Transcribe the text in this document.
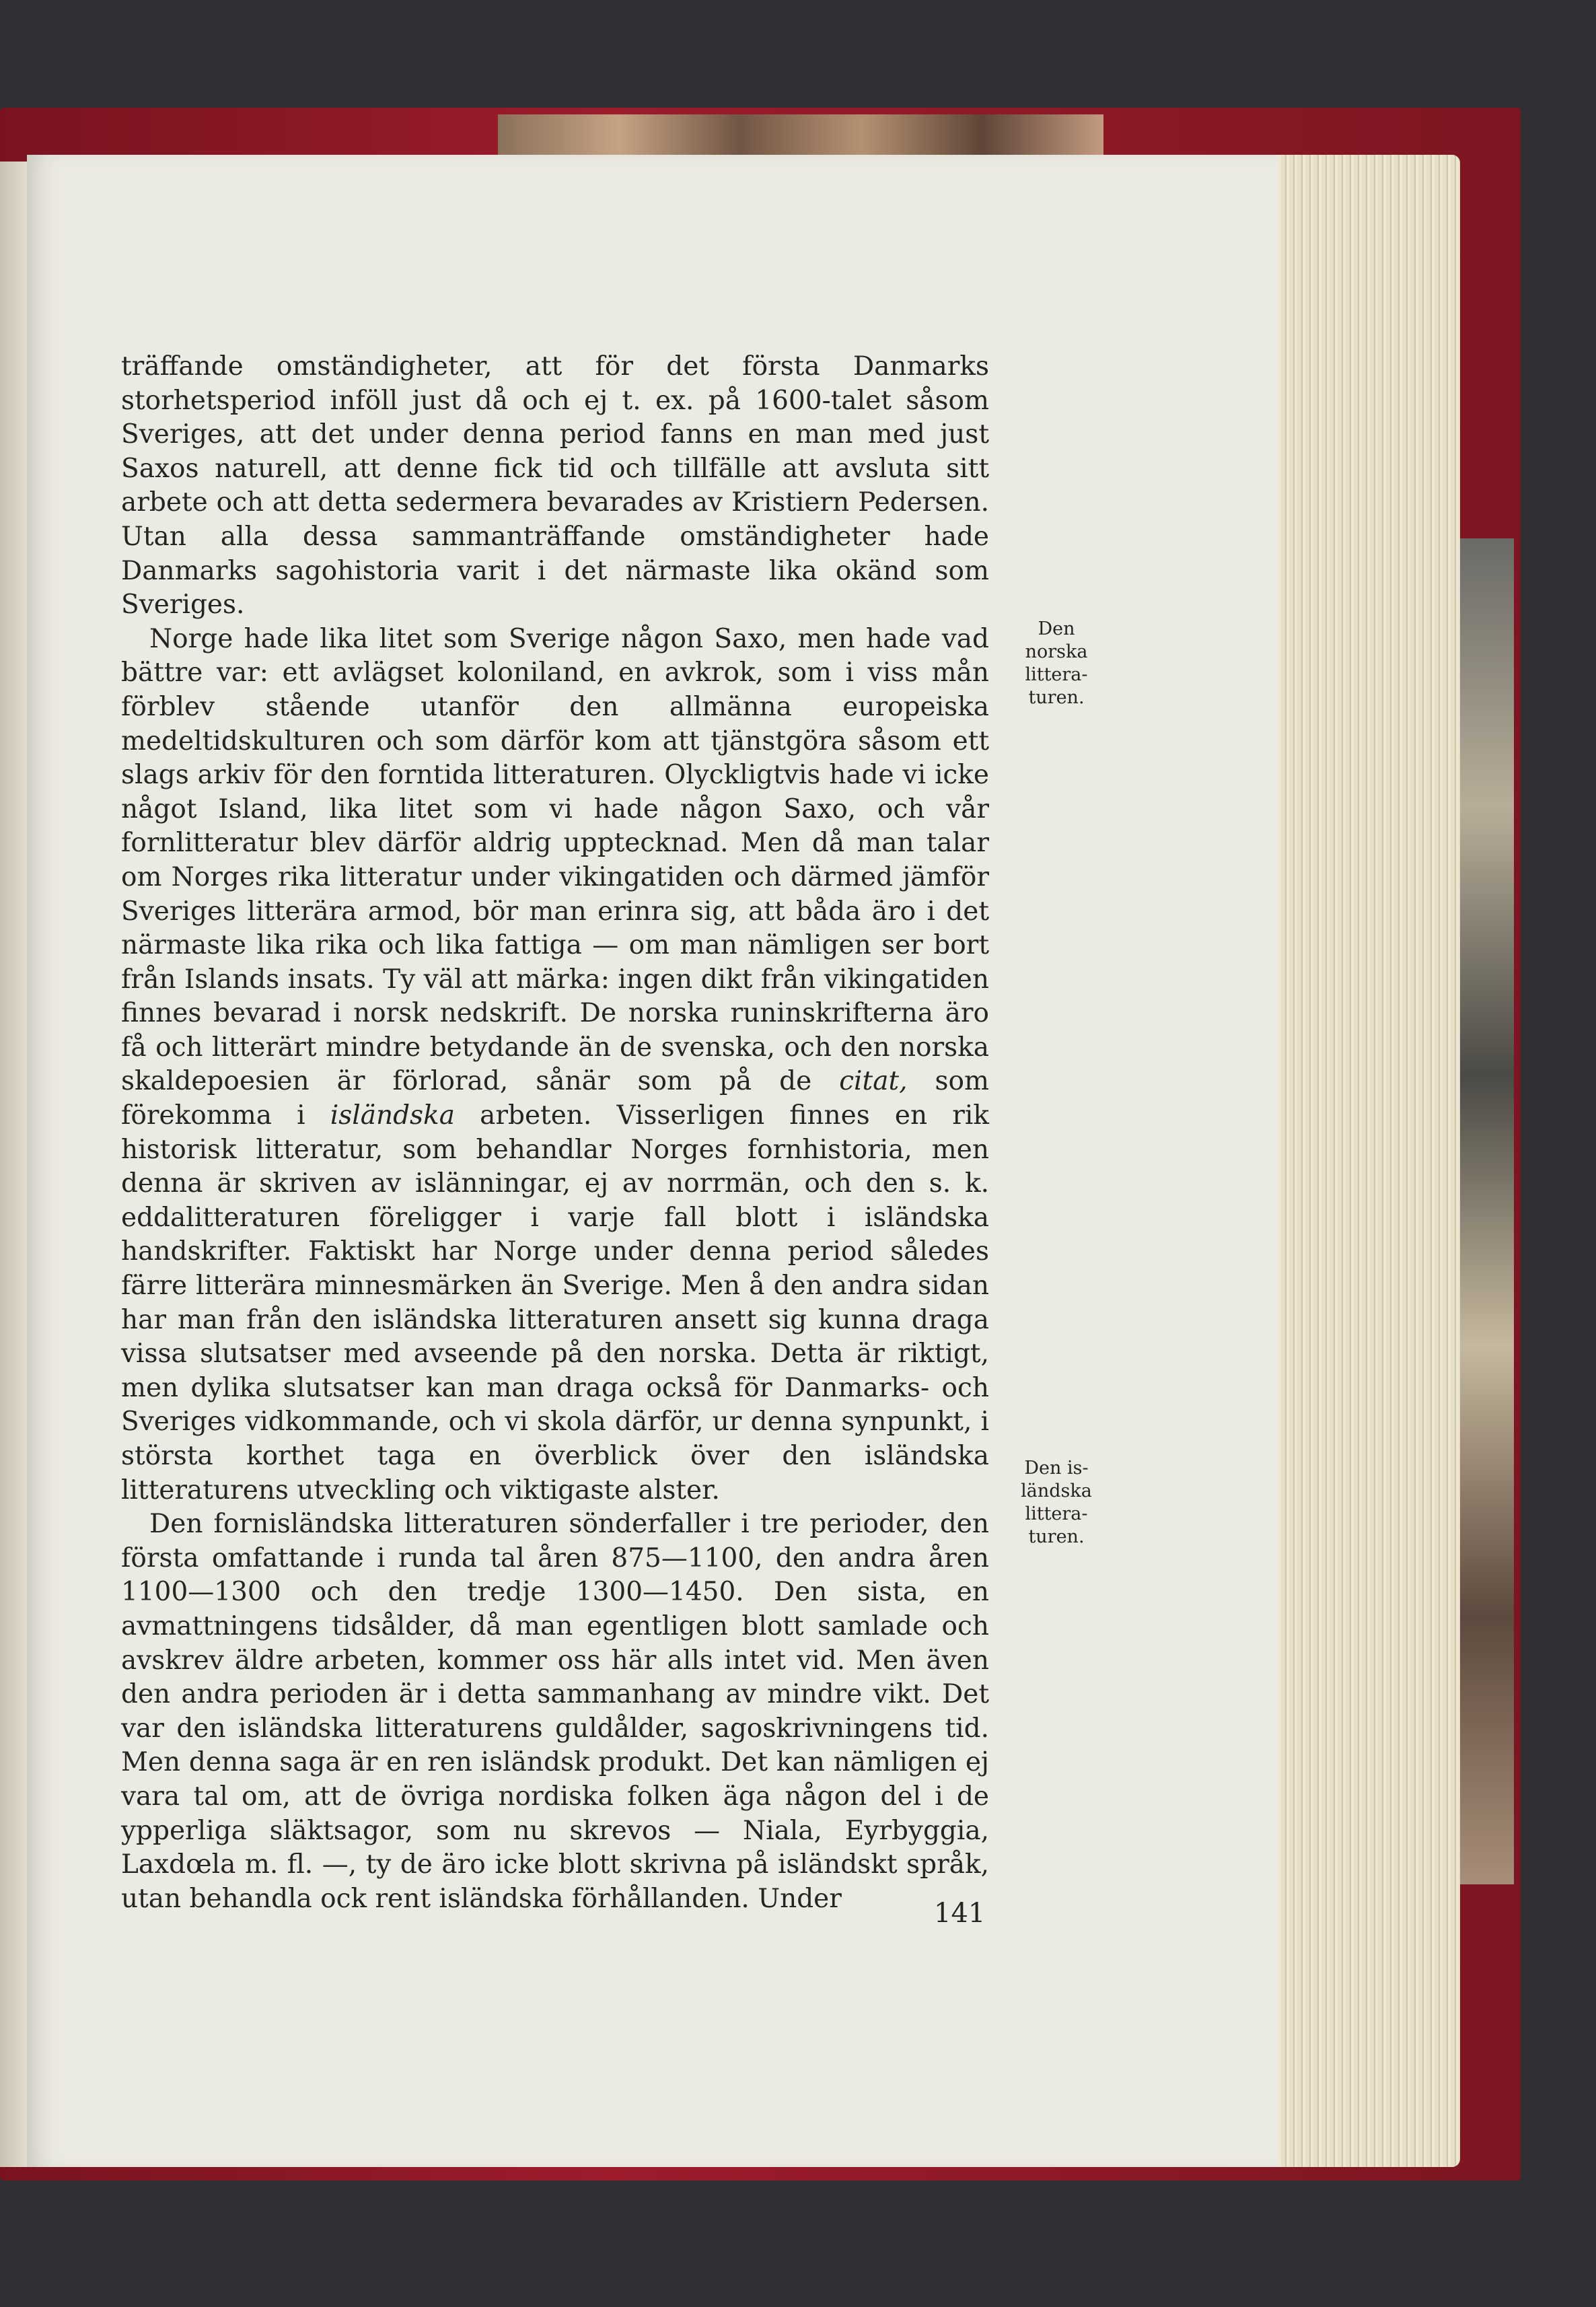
träffande omständigheter, att för det första Danmarks storhetsperiod inföll just då och ej t. ex. på 1600-talet såsom Sveriges, att det under denna period fanns en man med just Saxos naturell, att denne fick tid och tillfälle att avsluta sitt arbete och att detta sedermera bevarades av Kristiern Pedersen. Utan alla dessa sammanträffande omständigheter hade Danmarks sagohistoria varit i det närmaste lika okänd som Sveriges.

Norge hade lika litet som Sverige någon Saxo, men hade vad bättre var: ett avlägset koloniland, en avkrok, som i viss mån förblev stående utanför den allmänna europeiska medeltidskulturen och som därför kom att tjänstgöra såsom ett slags arkiv för den forntida litteraturen. Olyckligtvis hade vi icke något Island, lika litet som vi hade någon Saxo, och vår fornlitteratur blev därför aldrig upptecknad. Men då man talar om Norges rika litteratur under vikingatiden och därmed jämför Sveriges litterära armod, bör man erinra sig, att båda äro i det närmaste lika rika och lika fattiga — om man nämligen ser bort från Islands insats. Ty väl att märka: ingen dikt från vikingatiden finnes bevarad i norsk nedskrift. De norska runinskrifterna äro få och litterärt mindre betydande än de svenska, och den norska skaldepoesien är förlorad, sånär som på de citat, som förekomma i isländska arbeten. Visserligen finnes en rik historisk litteratur, som behandlar Norges fornhistoria, men denna är skriven av islänningar, ej av norrmän, och den s. k. eddalitteraturen föreligger i varje fall blott i isländska handskrifter. Faktiskt har Norge under denna period således färre litterära minnesmärken än Sverige. Men å den andra sidan har man från den isländska litteraturen ansett sig kunna draga vissa slutsatser med avseende på den norska. Detta är riktigt, men dylika slutsatser kan man draga också för Danmarks- och Sveriges vidkommande, och vi skola därför, ur denna synpunkt, i största korthet taga en överblick över den isländska litteraturens utveckling och viktigaste alster.

Den fornisländska litteraturen sönderfaller i tre perioder, den första omfattande i runda tal åren 875—1100, den andra åren 1100—1300 och den tredje 1300—1450. Den sista, en avmattningens tidsålder, då man egentligen blott samlade och avskrev äldre arbeten, kommer oss här alls intet vid. Men även den andra perioden är i detta sammanhang av mindre vikt. Det var den isländska litteraturens guldålder, sagoskrivningens tid. Men denna saga är en ren isländsk produkt. Det kan nämligen ej vara tal om, att de övriga nordiska folken äga någon del i de ypperliga släktsagor, som nu skrevos — Niala, Eyrbyggia, Laxdœla m. fl. —, ty de äro icke blott skrivna på isländskt språk, utan behandla ock rent isländska förhållanden. Under

Den norska littera-turen.
Den is-ländska littera-turen.
141
